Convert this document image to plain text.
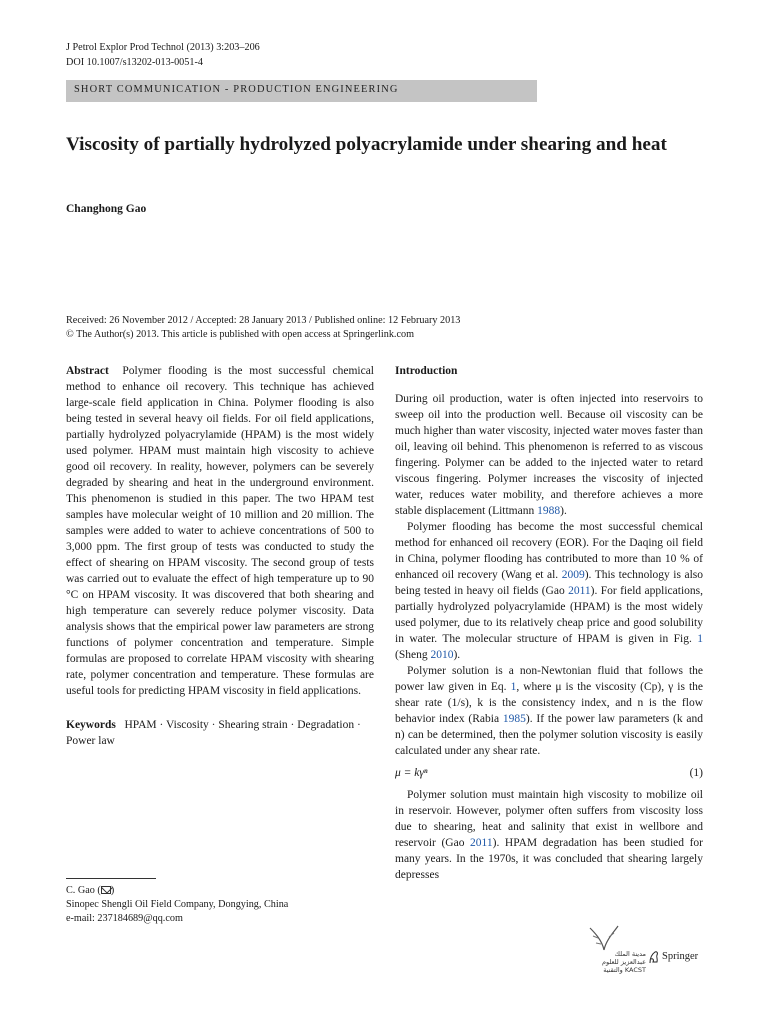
J Petrol Explor Prod Technol (2013) 3:203–206
DOI 10.1007/s13202-013-0051-4
SHORT COMMUNICATION - PRODUCTION ENGINEERING
Viscosity of partially hydrolyzed polyacrylamide under shearing and heat
Changhong Gao
Received: 26 November 2012 / Accepted: 28 January 2013 / Published online: 12 February 2013
© The Author(s) 2013. This article is published with open access at Springerlink.com

Abstract Polymer flooding is the most successful chemical method to enhance oil recovery. This technique has achieved large-scale field application in China. Polymer flooding is also being tested in several heavy oil fields. For oil field applications, partially hydrolyzed polyacrylamide (HPAM) is the most widely used polymer. HPAM must maintain high viscosity to achieve good oil recovery. In reality, however, polymers can be severely degraded by shearing and heat in the underground environment. This phenomenon is studied in this paper. The two HPAM test samples have molecular weight of 10 million and 20 million. The samples were added to water to achieve concentrations of 500 to 3,000 ppm. The first group of tests was conducted to study the effect of shearing on HPAM viscosity. The second group of tests was carried out to evaluate the effect of high temperature up to 90 °C on HPAM viscosity. It was discovered that both shearing and high temperature can severely reduce polymer viscosity. Data analysis shows that the empirical power law parameters are strong functions of polymer concentration and temperature. Simple formulas are proposed to correlate HPAM viscosity with shearing rate, polymer concentration and temperature. These formulas are useful tools for predicting HPAM viscosity in field applications.

Keywords HPAM · Viscosity · Shearing strain · Degradation · Power law

C. Gao ( )
Sinopec Shengli Oil Field Company, Dongying, China
e-mail: 237184689@qq.com

Introduction

During oil production, water is often injected into reservoirs to sweep oil into the production well. Because oil viscosity can be much higher than water viscosity, injected water moves faster than oil, leaving oil behind. This phenomenon is referred to as viscous fingering. Polymer can be added to the injected water to retard viscous fingering. Polymer increases the viscosity of injected water, reduces water mobility, and therefore achieves a more stable displacement (Littmann 1988).

Polymer flooding has become the most successful chemical method for enhanced oil recovery (EOR). For the Daqing oil field in China, polymer flooding has contributed to more than 10 % of enhanced oil recovery (Wang et al. 2009). This technology is also being tested in heavy oil fields (Gao 2011). For field applications, partially hydrolyzed polyacrylamide (HPAM) is the most widely used polymer, due to its relatively cheap price and good solubility in water. The molecular structure of HPAM is given in Fig. 1 (Sheng 2010).

Polymer solution is a non-Newtonian fluid that follows the power law given in Eq. 1, where μ is the viscosity (Cp), γ is the shear rate (1/s), k is the consistency index, and n is the flow behavior index (Rabia 1985). If the power law parameters (k and n) can be determined, then the polymer solution viscosity is easily calculated under any shear rate.

μ = kγⁿ	(1)

Polymer solution must maintain high viscosity to mobilize oil in reservoir. However, polymer often suffers from viscosity loss due to shearing, heat and salinity that exist in wellbore and reservoir (Gao 2011). HPAM degradation has been studied for many years. In the 1970s, it was concluded that shearing largely depresses

مدينة الملك عبدالعزيز للعلوم والتقنية KACST
Springer
